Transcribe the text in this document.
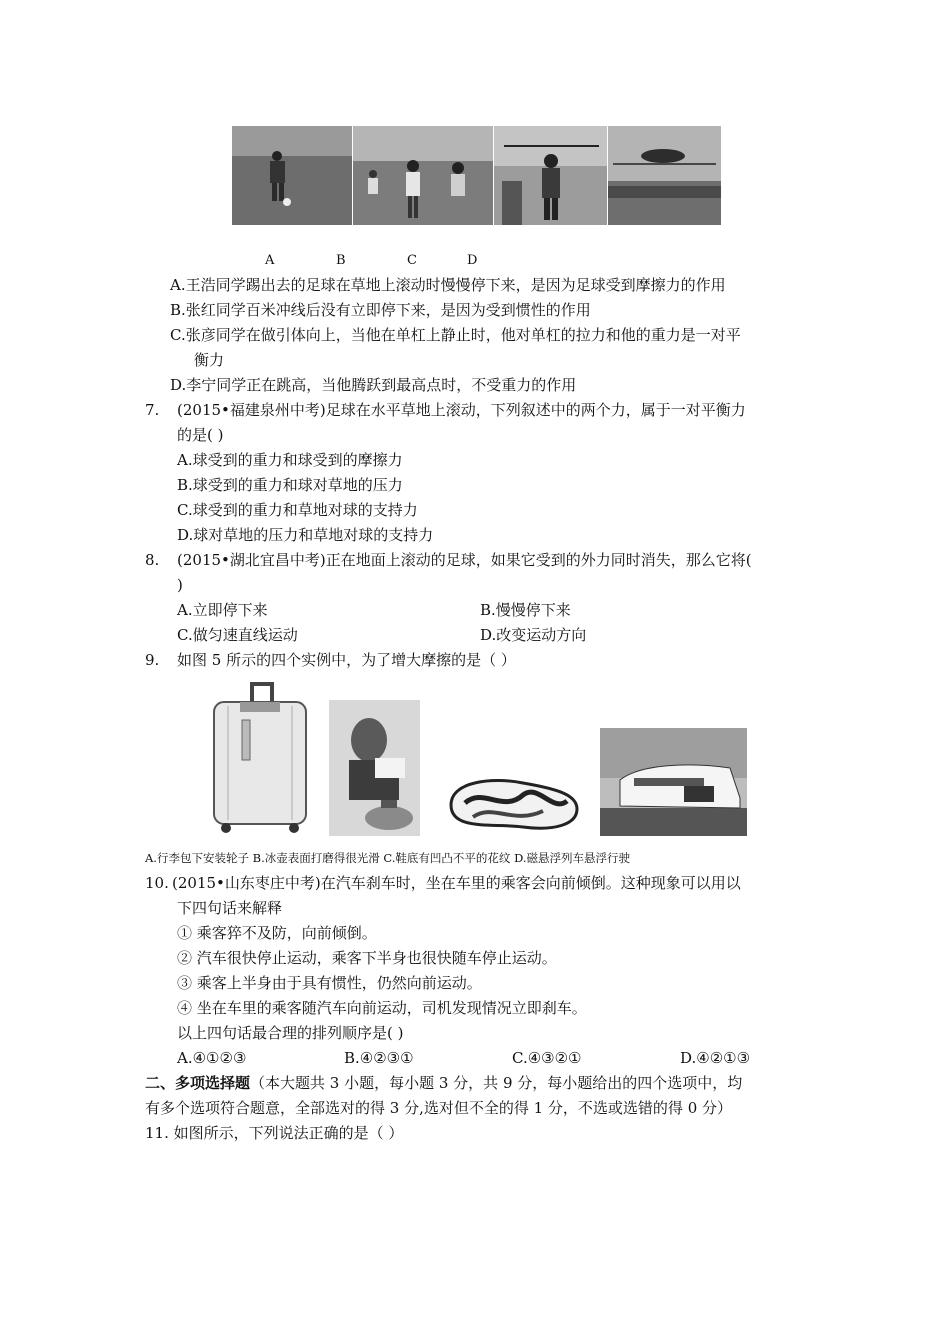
A	B	C	D
A.王浩同学踢出去的足球在草地上滚动时慢慢停下来，是因为足球受到摩擦力的作用
B.张红同学百米冲线后没有立即停下来，是因为受到惯性的作用
C.张彦同学在做引体向上，当他在单杠上静止时，他对单杠的拉力和他的重力是一对平
衡力
D.李宁同学正在跳高，当他腾跃到最高点时，不受重力的作用
7. (2015•福建泉州中考)足球在水平草地上滚动，下列叙述中的两个力，属于一对平衡力
的是( )
A.球受到的重力和球受到的摩擦力
B.球受到的重力和球对草地的压力
C.球受到的重力和草地对球的支持力
D.球对草地的压力和草地对球的支持力
8. (2015•湖北宜昌中考)正在地面上滚动的足球，如果它受到的外力同时消失，那么它将(
)
A.立即停下来	B.慢慢停下来
C.做匀速直线运动	D.改变运动方向
9. 如图 5 所示的四个实例中，为了增大摩擦的是（ ）
A.行李包下安装轮子 B.冰壶表面打磨得很光滑 C.鞋底有凹凸不平的花纹 D.磁悬浮列车悬浮行驶
10. (2015•山东枣庄中考)在汽车刹车时，坐在车里的乘客会向前倾倒。这种现象可以用以
下四句话来解释
① 乘客猝不及防，向前倾倒。
② 汽车很快停止运动，乘客下半身也很快随车停止运动。
③ 乘客上半身由于具有惯性，仍然向前运动。
④ 坐在车里的乘客随汽车向前运动，司机发现情况立即刹车。
以上四句话最合理的排列顺序是( )
A.④①②③	B.④②③①	C.④③②①	D.④②①③
二、多项选择题（本大题共 3 小题，每小题 3 分，共 9 分，每小题给出的四个选项中，均
有多个选项符合题意，全部选对的得 3 分,选对但不全的得 1 分，不选或选错的得 0 分）
11. 如图所示，下列说法正确的是（ ）
